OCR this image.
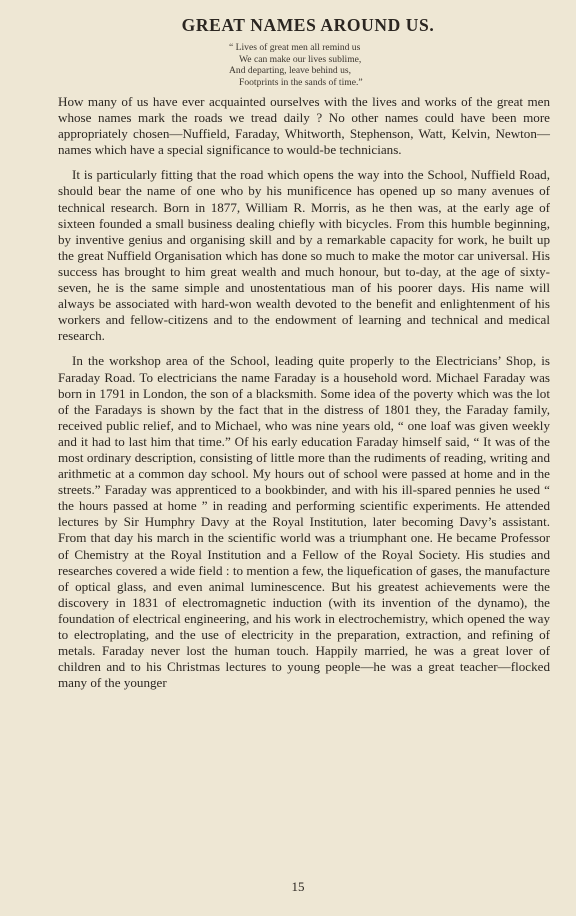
GREAT NAMES AROUND US.
“ Lives of great men all remind us
We can make our lives sublime,
And departing, leave behind us,
Footprints in the sands of time.”

How many of us have ever acquainted ourselves with the lives and works of the great men whose names mark the roads we tread daily ? No other names could have been more appropriately chosen—Nuffield, Faraday, Whitworth, Stephenson, Watt, Kelvin, Newton—names which have a special significance to would-be technicians.

It is particularly fitting that the road which opens the way into the School, Nuffield Road, should bear the name of one who by his munificence has opened up so many avenues of technical research. Born in 1877, William R. Morris, as he then was, at the early age of sixteen founded a small business dealing chiefly with bicycles. From this humble beginning, by inventive genius and organising skill and by a remarkable capacity for work, he built up the great Nuffield Organisation which has done so much to make the motor car universal. His success has brought to him great wealth and much honour, but to-day, at the age of sixty-seven, he is the same simple and unostentatious man of his poorer days. His name will always be associated with hard-won wealth devoted to the benefit and enlightenment of his workers and fellow-citizens and to the endowment of learning and technical and medical research.

In the workshop area of the School, leading quite properly to the Electricians’ Shop, is Faraday Road. To electricians the name Faraday is a household word. Michael Faraday was born in 1791 in London, the son of a blacksmith. Some idea of the poverty which was the lot of the Faradays is shown by the fact that in the distress of 1801 they, the Faraday family, received public relief, and to Michael, who was nine years old, “ one loaf was given weekly and it had to last him that time.” Of his early education Faraday himself said, “ It was of the most ordinary description, consisting of little more than the rudiments of reading, writing and arithmetic at a common day school. My hours out of school were passed at home and in the streets.” Faraday was apprenticed to a bookbinder, and with his ill-spared pennies he used “ the hours passed at home ” in reading and performing scientific experiments. He attended lectures by Sir Humphry Davy at the Royal Institution, later becoming Davy’s assistant. From that day his march in the scientific world was a triumphant one. He became Professor of Chemistry at the Royal Institution and a Fellow of the Royal Society. His studies and researches covered a wide field : to mention a few, the liquefication of gases, the manufacture of optical glass, and even animal luminescence. But his greatest achievements were the discovery in 1831 of electromagnetic induction (with its invention of the dynamo), the foundation of electrical engineering, and his work in electrochemistry, which opened the way to electroplating, and the use of electricity in the preparation, extraction, and refining of metals. Faraday never lost the human touch. Happily married, he was a great lover of children and to his Christmas lectures to young people—he was a great teacher—flocked many of the younger

15
